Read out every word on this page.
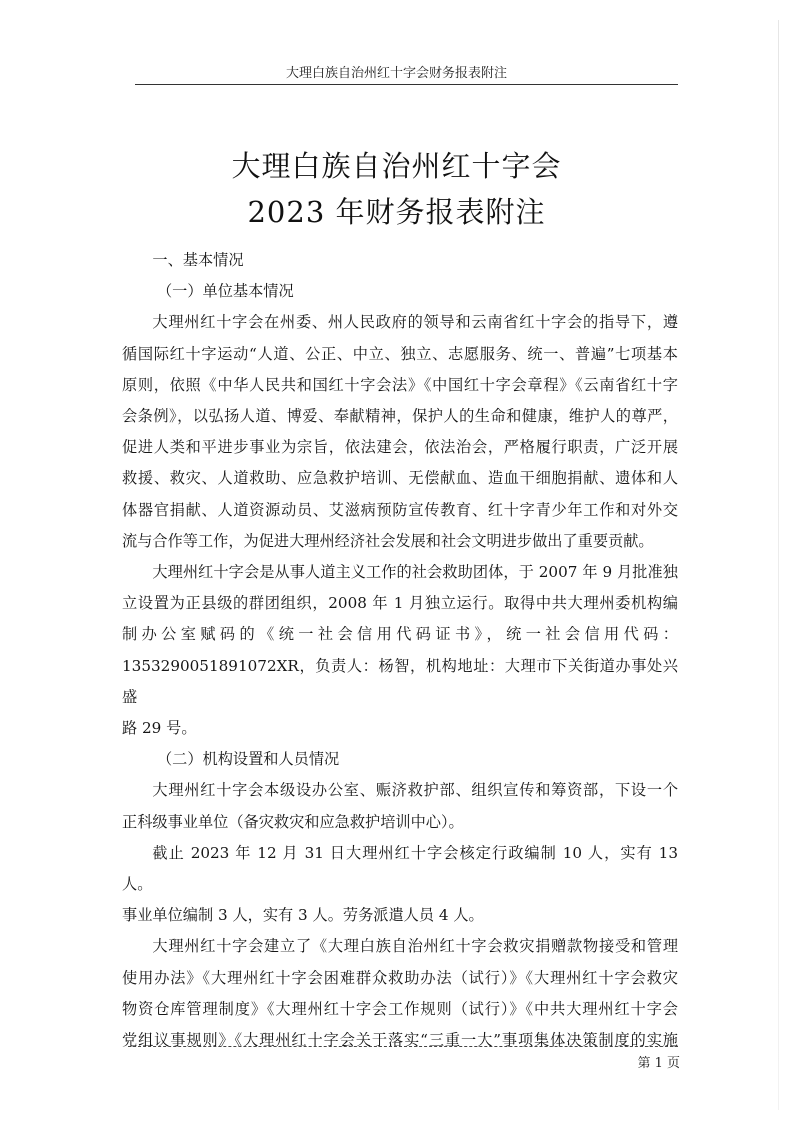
大理白族自治州红十字会财务报表附注
大理白族自治州红十字会
2023 年财务报表附注

一、基本情况

（一）单位基本情况

大理州红十字会在州委、州人民政府的领导和云南省红十字会的指导下，遵
循国际红十字运动“人道、公正、中立、独立、志愿服务、统一、普遍”七项基本
原则，依照《中华人民共和国红十字会法》《中国红十字会章程》《云南省红十字
会条例》，以弘扬人道、博爱、奉献精神，保护人的生命和健康，维护人的尊严，
促进人类和平进步事业为宗旨，依法建会，依法治会，严格履行职责，广泛开展
救援、救灾、人道救助、应急救护培训、无偿献血、造血干细胞捐献、遗体和人
体器官捐献、人道资源动员、艾滋病预防宣传教育、红十字青少年工作和对外交
流与合作等工作，为促进大理州经济社会发展和社会文明进步做出了重要贡献。

大理州红十字会是从事人道主义工作的社会救助团体，于 2007 年 9 月批准独
立设置为正县级的群团组织，2008 年 1 月独立运行。取得中共大理州委机构编
制办公室赋码的《统一社会信用代码证书》，统一社会信用代码：
1353290051891072XR，负责人：杨智，机构地址：大理市下关街道办事处兴盛
路 29 号。

（二）机构设置和人员情况

大理州红十字会本级设办公室、赈济救护部、组织宣传和筹资部，下设一个
正科级事业单位（备灾救灾和应急救护培训中心）。

截止 2023 年 12 月 31 日大理州红十字会核定行政编制 10 人，实有 13 人。
事业单位编制 3 人，实有 3 人。劳务派遣人员 4 人。

大理州红十字会建立了《大理白族自治州红十字会救灾捐赠款物接受和管理
使用办法》《大理州红十字会困难群众救助办法（试行）》《大理州红十字会救灾
物资仓库管理制度》《大理州红十字会工作规则（试行）》《中共大理州红十字会
党组议事规则》《大理州红十字会关于落实“三重一大”事项集体决策制度的实施

第 1 页
